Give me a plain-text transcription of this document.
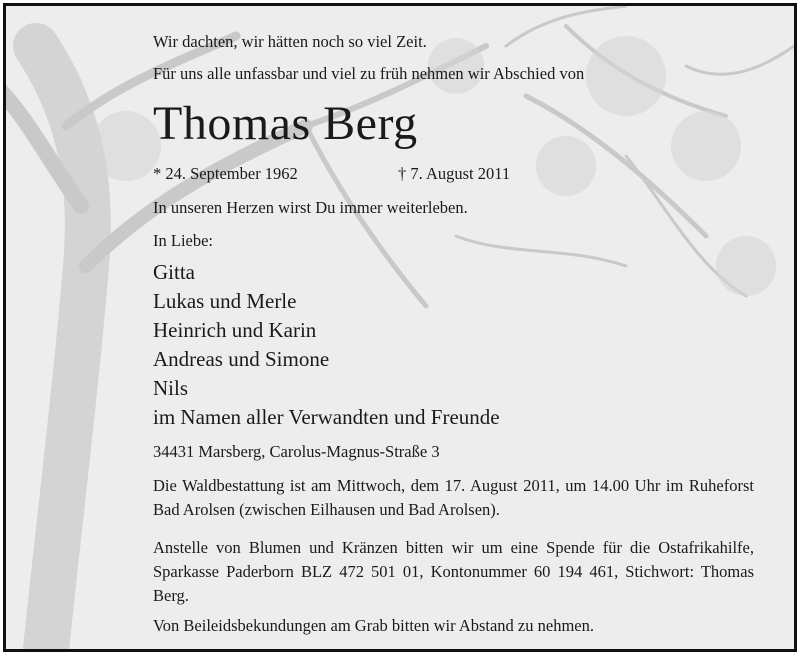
Wir dachten, wir hätten noch so viel Zeit.
Für uns alle unfassbar und viel zu früh nehmen wir Abschied von
Thomas Berg
* 24. September 1962	† 7. August 2011
In unseren Herzen wirst Du immer weiterleben.
In Liebe:
Gitta
Lukas und Merle
Heinrich und Karin
Andreas und Simone
Nils
im Namen aller Verwandten und Freunde
34431 Marsberg, Carolus-Magnus-Straße 3
Die Waldbestattung ist am Mittwoch, dem 17. August 2011, um 14.00 Uhr im Ruheforst Bad Arolsen (zwischen Eilhausen und Bad Arolsen).
Anstelle von Blumen und Kränzen bitten wir um eine Spende für die Ostafrikahilfe, Sparkasse Paderborn BLZ 472 501 01, Kontonummer 60 194 461, Stichwort: Thomas Berg.
Von Beileidsbekundungen am Grab bitten wir Abstand zu nehmen.
